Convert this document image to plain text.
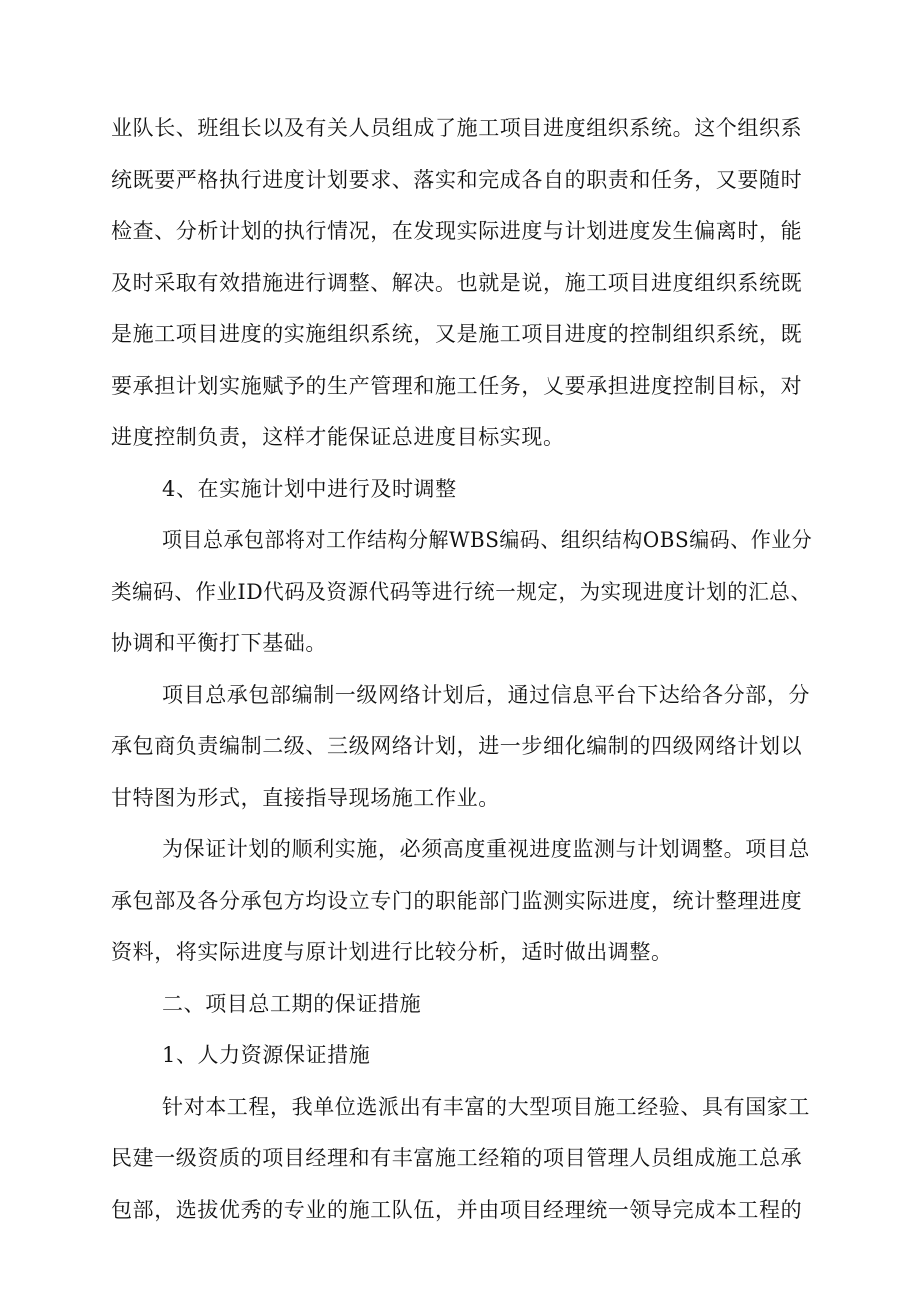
业队长、班组长以及有关人员组成了施工项目进度组织系统。这个组织系
统既要严格执行进度计划要求、落实和完成各自的职责和任务，又要随时
检查、分析计划的执行情况，在发现实际进度与计划进度发生偏离时，能
及时采取有效措施进行调整、解决。也就是说，施工项目进度组织系统既
是施工项目进度的实施组织系统，又是施工项目进度的控制组织系统，既
要承担计划实施赋予的生产管理和施工任务，乂要承担进度控制目标，对
进度控制负责，这样才能保证总进度目标实现。
4、在实施计划中进行及时调整
项目总承包部将对工作结构分解WBS编码、组织结构OBS编码、作业分
类编码、作业ID代码及资源代码等进行统一规定，为实现进度计划的汇总、
协调和平衡打下基础。
项目总承包部编制一级网络计划后，通过信息平台下达给各分部，分
承包商负责编制二级、三级网络计划，进一步细化编制的四级网络计划以
甘特图为形式，直接指导现场施工作业。
为保证计划的顺利实施，必须高度重视进度监测与计划调整。项目总
承包部及各分承包方均设立专门的职能部门监测实际进度，统计整理进度
资料，将实际进度与原计划进行比较分析，适时做出调整。
二、项目总工期的保证措施
1、人力资源保证措施
针对本工程，我单位选派出有丰富的大型项目施工经验、具有国家工
民建一级资质的项目经理和有丰富施工经箱的项目管理人员组成施工总承
包部，选拔优秀的专业的施工队伍，并由项目经理统一领导完成本工程的
